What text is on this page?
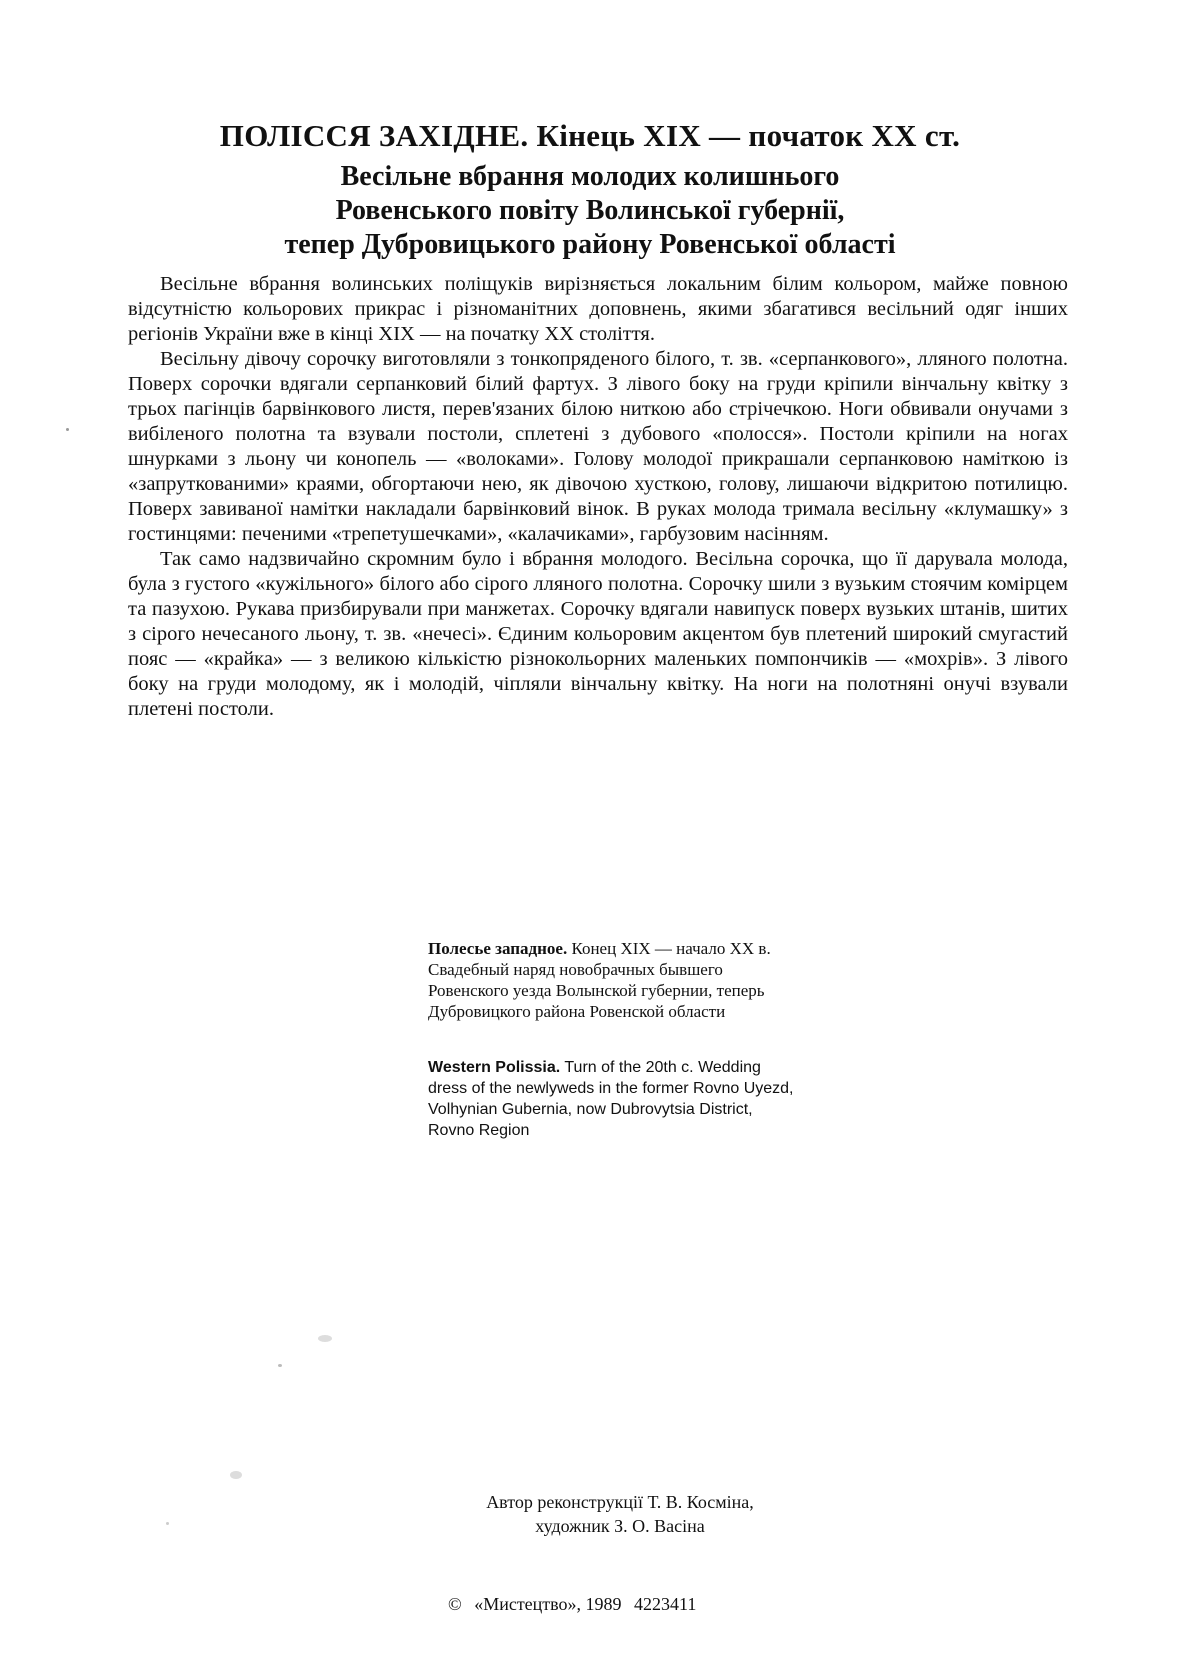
ПОЛІССЯ ЗАХІДНЕ. Кінець XIX — початок XX ст.
Весільне вбрання молодих колишнього
Ровенського повіту Волинської губернії,
тепер Дубровицького району Ровенської області

Весільне вбрання волинських поліщуків вирізняється локальним білим кольором, майже повною відсутністю кольорових прикрас і різноманітних доповнень, якими збагатився весільний одяг інших регіонів України вже в кінці XIX — на початку XX століття.

Весільну дівочу сорочку виготовляли з тонкопряденого білого, т. зв. «серпанкового», лляного полотна. Поверх сорочки вдягали серпанковий білий фартух. З лівого боку на груди кріпили вінчальну квітку з трьох пагінців барвінкового листя, перев'язаних білою ниткою або стрічечкою. Ноги обвивали онучами з вибіленого полотна та взували постоли, сплетені з дубового «полосся». Постоли кріпили на ногах шнурками з льону чи конопель — «волоками». Голову молодої прикрашали серпанковою наміткою із «запруткованими» краями, обгортаючи нею, як дівочою хусткою, голову, лишаючи відкритою потилицю. Поверх завиваної намітки накладали барвінковий вінок. В руках молода тримала весільну «клумашку» з гостинцями: печеними «трепетушечками», «калачиками», гарбузовим насінням.

Так само надзвичайно скромним було і вбрання молодого. Весільна сорочка, що її дарувала молода, була з густого «кужільного» білого або сірого лляного полотна. Сорочку шили з вузьким стоячим комірцем та пазухою. Рукава призбирували при манжетах. Сорочку вдягали навипуск поверх вузьких штанів, шитих з сірого нечесаного льону, т. зв. «нечесі». Єдиним кольоровим акцентом був плетений широкий смугастий пояс — «крайка» — з великою кількістю різнокольорних маленьких помпончиків — «мохрів». З лівого боку на груди молодому, як і молодій, чіпляли вінчальну квітку. На ноги на полотняні онучі взували плетені постоли.

Полесье западное. Конец XIX — начало XX в. Свадебный наряд новобрачных бывшего Ровенского уезда Волынской губернии, теперь Дубровицкого района Ровенской области
Western Polissia. Turn of the 20th c. Wedding dress of the newlyweds in the former Rovno Uyezd, Volhynian Gubernia, now Dubrovytsia District, Rovno Region
Автор реконструкції Т. В. Косміна,
художник З. О. Васіна
© «Мистецтво», 1989 4223411
